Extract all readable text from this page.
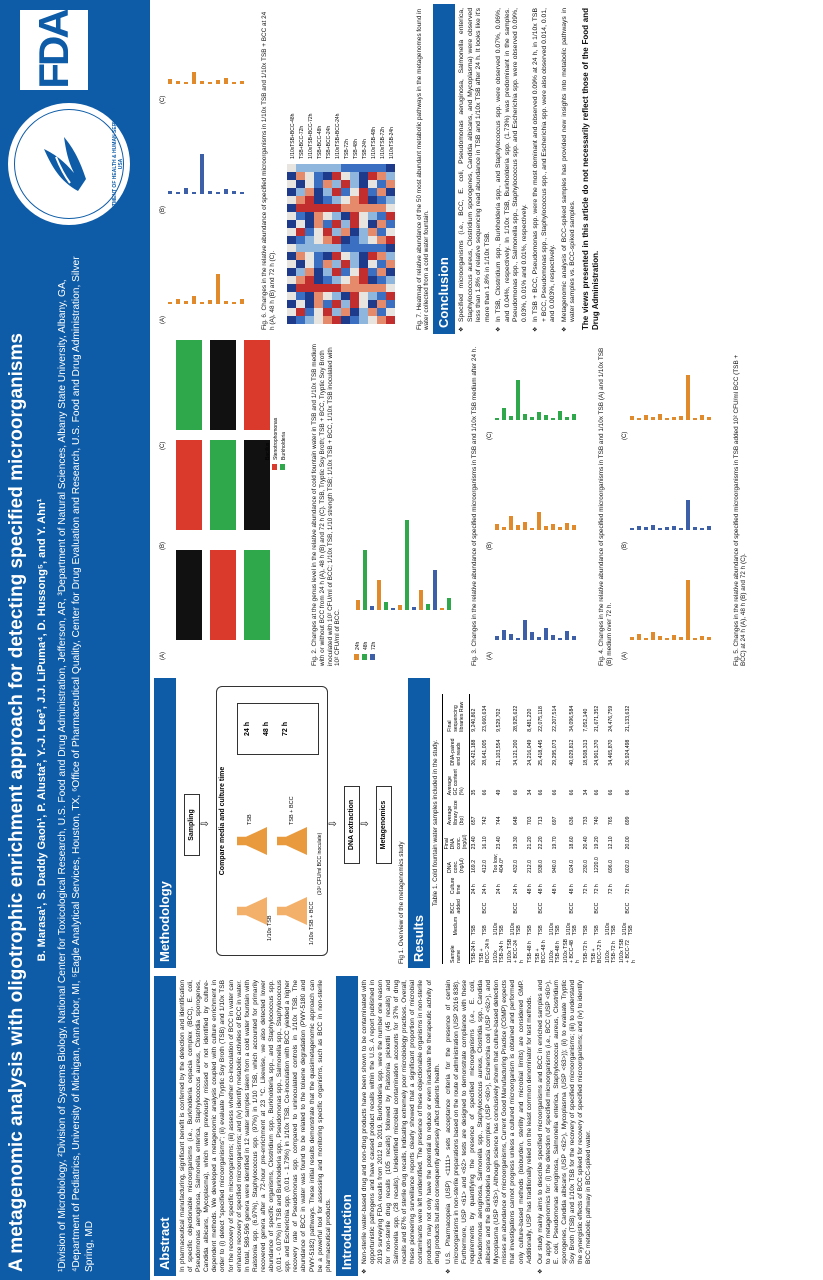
A metagenomic analysis with oligotrophic enrichment approach for detecting specified microorganisms B. Marasa¹, S. Daddy Gaoh¹, P. Alusta², Y.-J. Lee³, J.J. LiPuma⁴, D. Hussong⁵, and Y. Ahn¹ ¹Division of Microbiology, ²Division of Systems Biology, National Center for Toxicological Research, U.S. Food and Drug Administration, Jefferson, AR, ³Department of Natural Sciences, Albany State University, Albany, GA, ⁴Department of Pediatrics, University of Michigan, Ann Arbor, MI, ⁵Eagle Analytical Services, Houston, TX, ⁶Office of Pharmaceutical Quality, Center for Drug Evaluation and Research, U.S. Food and Drug Administration, Silver Spring, MD
DEPARTMENT OF HEALTH & HUMAN SERVICES · USA
FDA
Abstract	In pharmaceutical manufacturing, significant benefit is conferred by the detection and identification of specific objectionable microorganisms (i.e., Burkholderia cepacia complex (BCC), E. coli, Pseudomonas aeruginosa, Salmonella enterica, Staphylococcus aureus, Clostridia sporogenes, Candida albicans, Mycoplasma), which were previously missed or not identified by culture-dependent methods. We developed a metagenomic analysis coupled with culture enrichment in order to (i) detect "specified microorganisms"; (ii) evaluate Tryptic Soy Broth (TSB) and 1/10x TSB for the recovery of specific microorganisms; (iii) assess whether co-inoculation of BCC in water can enhance recovery of specified microorganisms; and (iv) identify metabolic activities of BCC in water. In total, 589-596 genera were identified in 12 water samples taken from a cold water fountain with Ralstonia spp. (6.97%), Staphylococcus spp. (97%) in 1/10 TSB, which accounted for primarily recovered genera after a 72-hour pre-enrichment at 23 °C. Likewise, we also detected lower abundance of specific organisms, Clostridium spp., Burkholderia spp., and Staphylococcus spp. (0.01 - 0.07%) in TSB and Burkholderia spp., Pseudomonas spp., Salmonella spp., Staphylococcus spp. and Escherichia spp. (0.01 - 1.73%) in 1/10x TSB. Co-inoculation with BCC yielded a higher recovery rate of Pseudomonas spp. compared to uninoculated controls in 1/10x TSB. The abundance of BCC in water was found to be related to the toluene degradation (PWY-5180 and PWY-5182) pathways. These initial results demonstrate that the quasimetagenomic approach can be a powerful tool for assessing and monitoring specific organisms, such as BCC in non-sterile pharmaceutical products. Introduction	❖ Non-sterile water-based drug and non-drug products have been shown to be contaminated with opportunistic pathogens and have caused product recalls within the U.S. A report published in 2019 surveying FDA recalls from 2012 to 2019, Burkholderia spp. were the number one reason for non-sterile drug recalls (105 recalls) followed by Ralstonia pickettii (45 recalls) and Salmonella spp. (28 recalls). Unidentified microbial contamination accounts for 37% of drug recalls and 87% of sterile drug recalls, indicating extremely poor microbiology practices. Overall, these pioneering surveillance reports clearly showed that a significant proportion of microbial contaminants were left unidentified. The presence of these objectionable organisms in non-sterile products may not only have the potential to reduce or even inactivate the therapeutic activity of drug products but also consequently adversely affect patients health. ❖ U.S. Pharmacopeia (USP) <1111> sets acceptance criteria for the presence of certain microorganisms in non-sterile preparations based on the route of administration (USP 2016 838). Furthermore, USP <61> and <62> tests are designed to demonstrate compliance with these requirements by quantifying the presence of specified microorganisms (i.e., E. coli, Pseudomonas aeruginosa, Salmonella spp., Staphylococcus aureus, Clostridia spp., Candida albicans and the Burkholderia cepacia complex (USP <60>), Escherichia coli (USP <62>), and Mycoplasma (USP <63>). Although science has conclusively shown that culture-based detection misses an abundance of microorganisms, Current Good Manufacturing Practice (CGMP) expects that investigations cannot progress unless a cultured microorganism is obtained and performed only culture-based methods (bioburden, sterility and microbial limits) are considered GMP. Additionally, USP has traditionally relied on the least common denominator for test methods. ❖ Our study mainly aims to describe specified microorganisms and BCC in enriched samples and to apply metagenomics for: (i) the detection of specified microorganisms (i.e., BCC (USP <60>), E. coli, Pseudomonas aeruginosa, Salmonella enterica, Staphylococcus aureus, Clostridium sporogenes, Candida albicans (USP <62>), Mycoplasma (USP <63>)); (ii) to evaluate Tryptic Soy Broth (TSB) and 1/10x TSB for the recovery of specified microorganisms; (iii) to understand the synergistic effects of BCC spiked for recovery of specified microorganisms; and (iv) to identify BCC metabolic pathway in BCC-spiked water.
Methodology
Sampling ⇩ Compare media and culture time
1/10x TSB
TSB
1/10x TSB + BCC
TSB + BCC
(10² CFU/ml BCC inoculate)
24 h 48 h 72 h
⇩	DNA extraction ⇩	Metagenomics
Fig 1. Overview of the metagenomics study Results
Table 1. Cold fountain water samples included in the study.
Sample name	Medium	BCC added	Culture time	DNA conc. (ng/µl)	Final DNA conc. (ng/µl)	Average library size (bp)	Average GC content (%)	DNA-paired end reads	Final sequencing libraries Raw
TSB-24 h	TSB		24 h	169.2	23.40	657	35	26,421,188	9,240,862
TSB + BCC- 24 h	TSB	BCC	24 h	412.0	16.10	742	66	28,641,005	23,660,634
1/10x TSB-24 h	1/10x TSB		24 h	Too low; 404.0*	23.40	744	49	21,103,554	9,529,702
1/10x TSB + BCC-24 h	1/10x TSB	BCC	24 h	432.0	19.30	648	66	34,121,200	28,925,622
TSB-48 h	TSB		48 h	212.0	21.20	703	34	24,216,049	8,481,220
TSB + BCC-48 h	TSB	BCC	48 h	938.0	22.20	713	66	25,418,445	22,075,118
1/10x TSB-48 h	1/10x TSB		48 h	940.0	19.70	697	66	29,295,073	22,207,514
1/10x TSB + BCC-48 h	1/10x TSB	BCC	48 h	624.0	18.60	636	66	40,029,812	34,096,584
TSB-72 h	TSB		72 h	230.0	20.40	733	34	18,508,313	7,052,140
TSB + BCC-72 h	TSB	BCC	72 h	1220.0	19.20	740	66	24,901,370	21,671,352
1/10x TSB-72 h	1/10x TSB		72 h	696.0	12.10	765	66	34,465,870	24,476,759
1/10x TSB + BCC-72 h	1/10x TSB	BCC	72 h	602.0	20.00	699	66	26,924,498	21,133,632
(A)
(B)
(C)	Bacillus Stenotrophomonas Burkholderia	Fig. 2. Changes at the genus level in the relative abundance of cold fountain water in TSB and 1/10x TSB medium with or without BCC from 24 h (A), 48 h (B) and 72 h (C). TSB, Tryptic Soy Broth; TSB + BCC, Tryptic Soy Broth inoculated with 10² CFU/ml of BCC; 1/10x TSB, 1/10 strength TSB; 1/10x TSB + BCC, 1/10x TSB inoculated with 10² CFU/ml of BCC.	24h 48h 72h	Fig. 3. Changes in the relative abundance of specified microorganisms in TSB and 1/10x TSB medium after 24 h. (A)
(B)
(C)	Fig. 4. Changes in the relative abundance of specified microorganisms in TSB and 1/10x TSB (A) and 1/10x TSB (B) medium over 72 h. (A)
(B)
(C)	Fig. 5. Changes in the relative abundance of specified microorganisms in TSB added 10² CFU/ml BCC (TSB + BCC) at 24 h (A), 48 h (B) and 72 h (C).
(A)
(B)
(C)	Fig. 6. Changes in the relative abundance of specified microorganisms in 1/10x TSB and 1/10x TSB + BCC at 24 h (A), 48 h (B) and 72 h (C).
1/10xTSB+BCC-48h TSB+BCC-72h 1/10xTSB+BCC-72h TSB+BCC-48h TSB+BCC-24h 1/10xTSB+BCC-24h TSB-72h TSB-48h TSB-24h 1/10xTSB-48h 1/10xTSB-72h 1/10xTSB-24h	Fig. 7. Heatmap of relative abundance of the 50 most abundant metabolic pathways in the metagenomes found in water collected from a cold water fountain. Conclusion	❖ Specified microorganisms (i.e., BCC, E. coli, Pseudomonas aeruginosa, Salmonella enterica, Staphylococcus aureus, Clostridium sporogenes, Candida albicans, and Mycoplasma) were observed less than 1.8% of relative sequencing read abundance in TSB and 1/10x TSB after 24 h. It looks like it's more than 1.8% in 1/10x TSB. ❖ In TSB, Clostridium spp., Burkholderia spp., and Staphylococcus spp. were observed 0.07%, 0.06%, and 0.04%, respectively. In 1/10x TSB, Burkholderia spp. (1.73%) was predominant in the samples. Pseudomonas spp., Salmonella spp., Staphylococcus spp. and Escherichia spp. were observed 0.09%, 0.03%, 0.01% and 0.01%, respectively. ❖ In TSB + BCC, Pseudomonas spp. were the most dominant and observed 0.09% at 24 h, in 1/10x TSB + BCC, Pseudomonas spp., Staphylococcus spp., and Escherichia spp. were also observed 0.014, 0.01, and 0.003%, respectively. ❖ Metagenomic analysis of BCC-spiked samples has provided new insights into metabolic pathways in water samples vs. BCC-spiked samples. The views presented in this article do not necessarily reflect those of the Food and Drug Administration.
